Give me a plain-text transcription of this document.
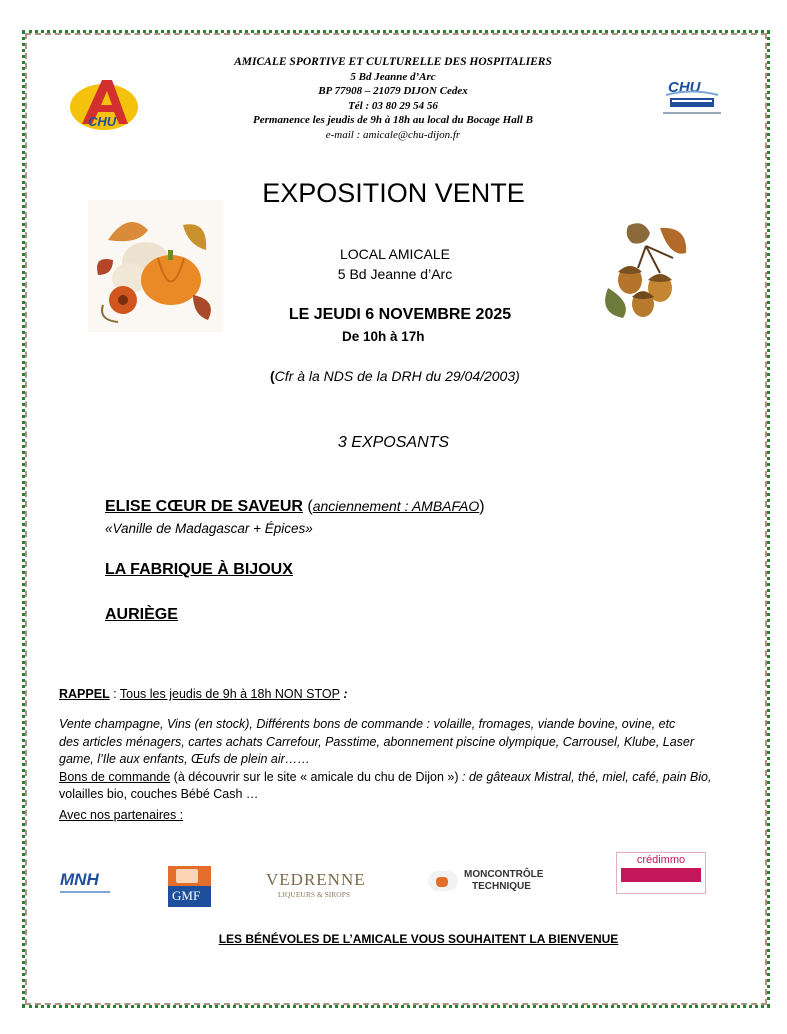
CHU
AMICALE SPORTIVE ET CULTURELLE DES HOSPITALIERS
5 Bd Jeanne d’Arc
BP 77908 – 21079 DIJON Cedex
Tél : 03 80 29 54 56
Permanence les jeudis de 9h à 18h au local du Bocage Hall B
e-mail : amicale@chu-dijon.fr
CHU
EXPOSITION VENTE
LOCAL AMICALE
5 Bd Jeanne d’Arc
LE JEUDI 6 NOVEMBRE 2025
De 10h à 17h
(Cfr à la NDS de la DRH du 29/04/2003)
3 EXPOSANTS
ELISE CŒUR DE SAVEUR (anciennement : AMBAFAO)
«Vanille de Madagascar + Épices»
LA FABRIQUE À BIJOUX
AURIÈGE
RAPPEL : Tous les jeudis de 9h à 18h NON STOP :
Vente champagne, Vins (en stock), Différents bons de commande : volaille, fromages, viande bovine, ovine, etc
des articles ménagers, cartes achats Carrefour, Passtime, abonnement piscine olympique, Carrousel, Klube, Laser
game, l’Ile aux enfants, Œufs de plein air……
Bons de commande (à découvrir sur le site « amicale du chu de Dijon ») : de gâteaux Mistral, thé, miel, café, pain Bio,
volailles bio, couches Bébé Cash …
Avec nos partenaires :
MNH
GMF
VEDRENNE
LIQUEURS & SIROPS
MONCONTRÔLE
TECHNIQUE
crédimmo
LES BÉNÉVOLES DE L’AMICALE VOUS SOUHAITENT LA BIENVENUE
